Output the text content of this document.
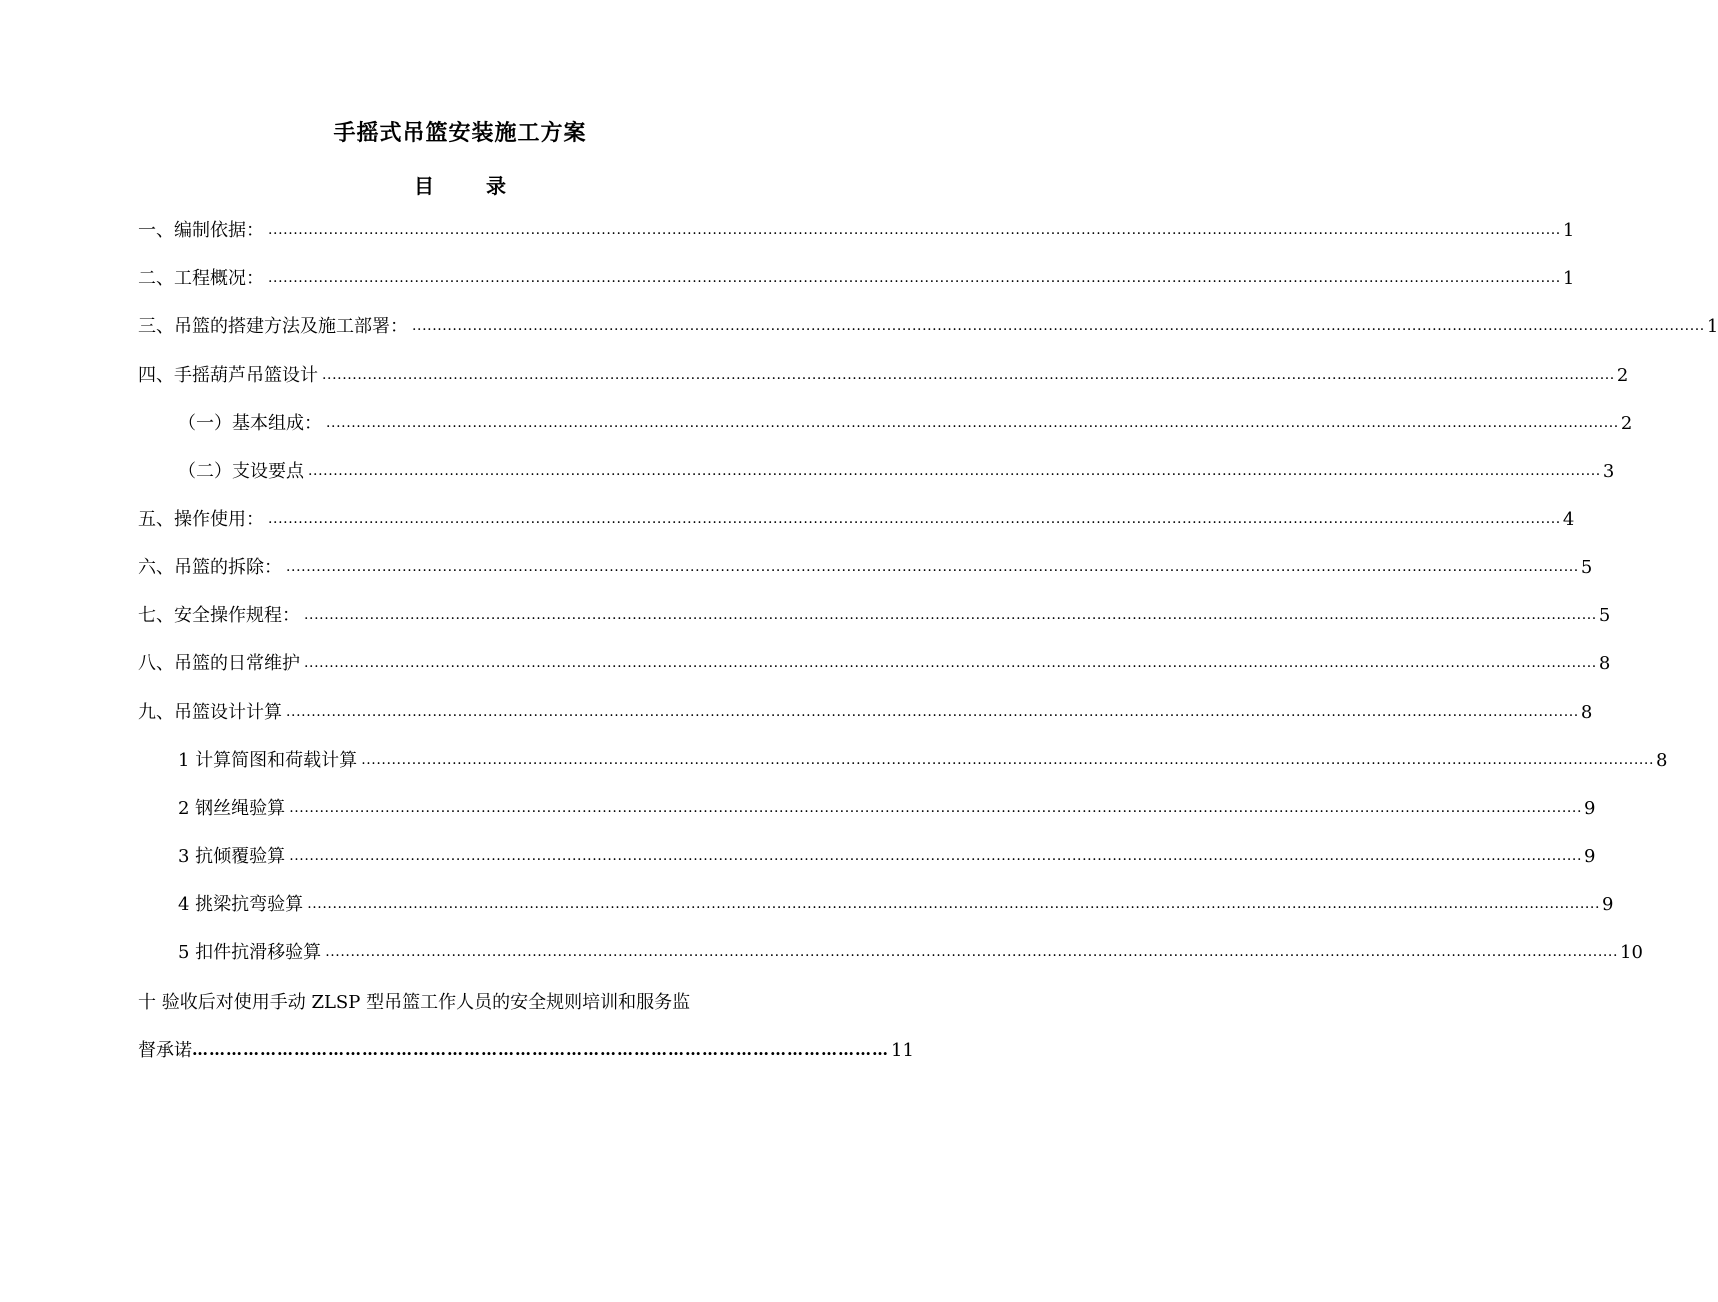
手摇式吊篮安装施工方案
目	录
一、编制依据： ................................................................................................................................................................................................................................................................ 1
二、工程概况： ................................................................................................................................................................................................................................................................ 1
三、吊篮的搭建方法及施工部署： ................................................................................................................................................................................................................................................................ 1
四、手摇葫芦吊篮设计 ................................................................................................................................................................................................................................................................ 2
（一）基本组成： ................................................................................................................................................................................................................................................................ 2
（二）支设要点 ................................................................................................................................................................................................................................................................ 3
五、操作使用： ................................................................................................................................................................................................................................................................ 4
六、吊篮的拆除： ................................................................................................................................................................................................................................................................ 5
七、安全操作规程： ................................................................................................................................................................................................................................................................ 5
八、吊篮的日常维护 ................................................................................................................................................................................................................................................................ 8
九、吊篮设计计算 ................................................................................................................................................................................................................................................................ 8
1 计算简图和荷载计算 ................................................................................................................................................................................................................................................................ 8
2 钢丝绳验算 ................................................................................................................................................................................................................................................................ 9
3 抗倾覆验算 ................................................................................................................................................................................................................................................................ 9
4 挑梁抗弯验算 ................................................................................................................................................................................................................................................................ 9
5 扣件抗滑移验算 ................................................................................................................................................................................................................................................................ 10
十 验收后对使用手动 ZLSP 型吊篮工作人员的安全规则培训和服务监
督承诺 …………………………………………………………………………………………………………… 11
